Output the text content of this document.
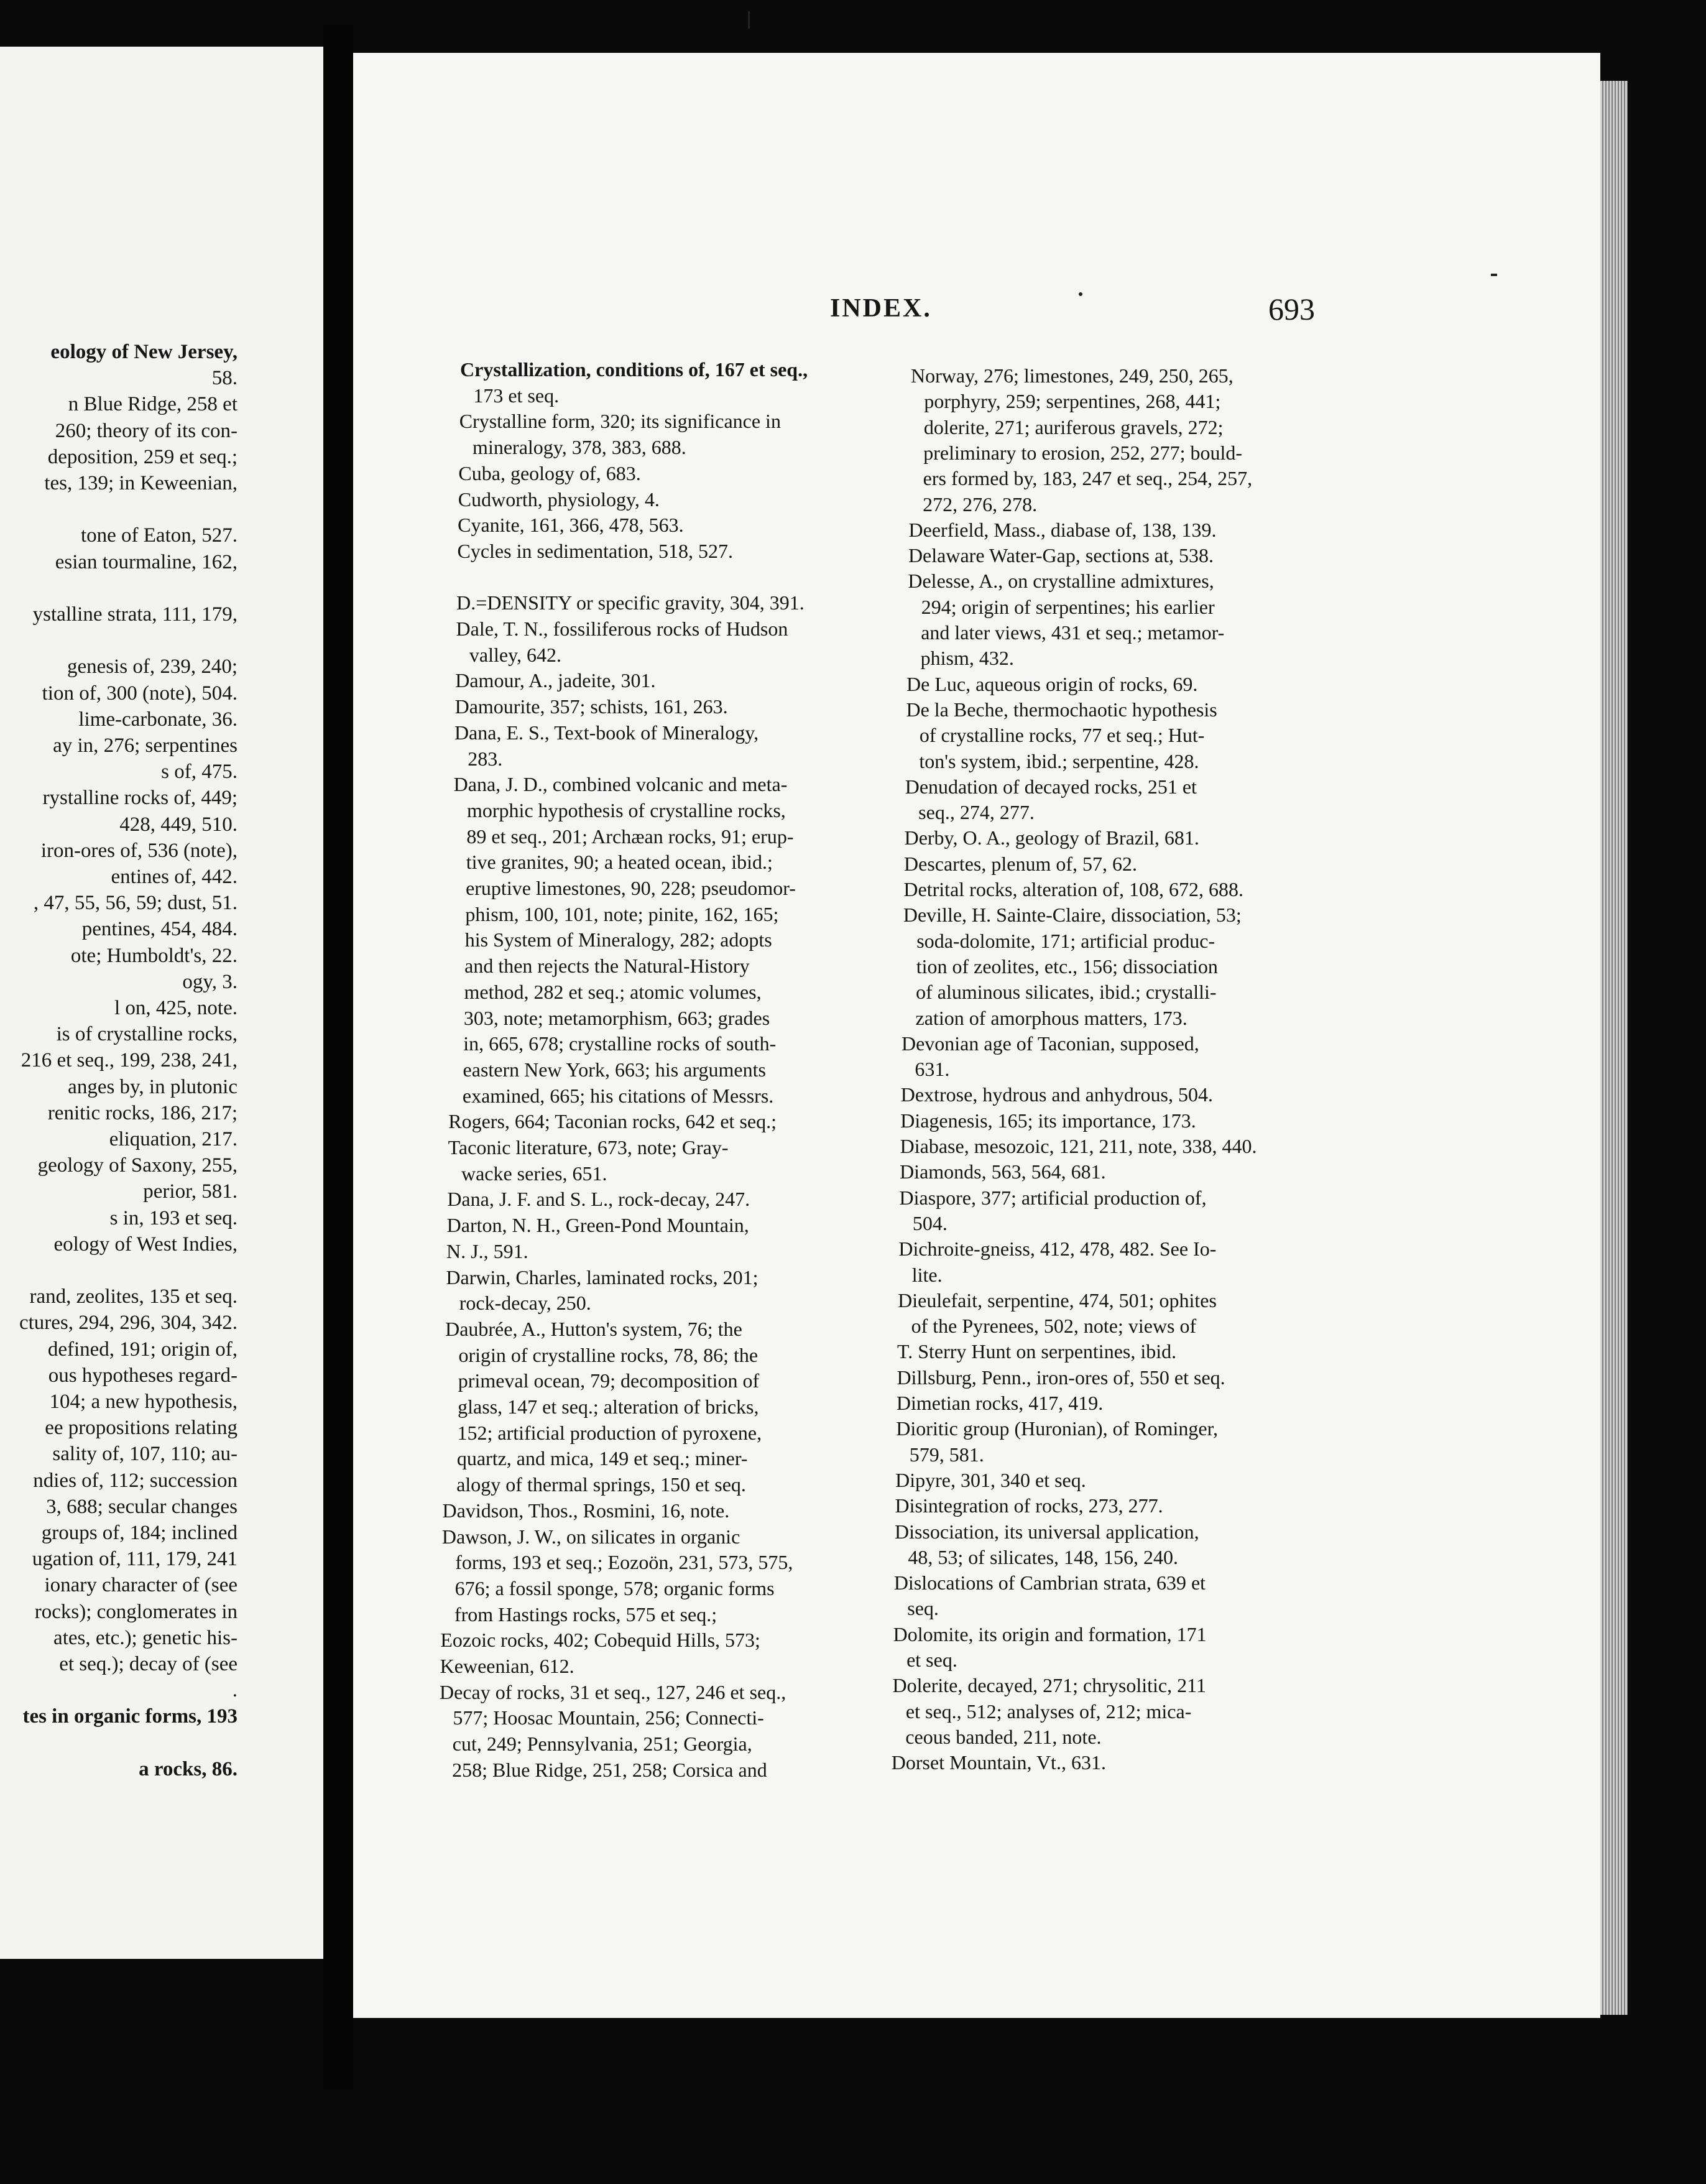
INDEX.	693
eology of New Jersey,
58.
n Blue Ridge, 258 et
260; theory of its con-
deposition, 259 et seq.;
tes, 139; in Keweenian,
tone of Eaton, 527.
esian tourmaline, 162,
ystalline strata, 111, 179,
genesis of, 239, 240;
tion of, 300 (note), 504.
lime-carbonate, 36.
ay in, 276; serpentines
s of, 475.
rystalline rocks of, 449;
428, 449, 510.
iron-ores of, 536 (note),
entines of, 442.
, 47, 55, 56, 59; dust, 51.
pentines, 454, 484.
ote; Humboldt's, 22.
ogy, 3.
l on, 425, note.
is of crystalline rocks,
216 et seq., 199, 238, 241,
anges by, in plutonic
renitic rocks, 186, 217;
eliquation, 217.
geology of Saxony, 255,
perior, 581.
s in, 193 et seq.
eology of West Indies,
rand, zeolites, 135 et seq.
ctures, 294, 296, 304, 342.
defined, 191; origin of,
ous hypotheses regard-
104; a new hypothesis,
ee propositions relating
sality of, 107, 110; au-
ndies of, 112; succession
3, 688; secular changes
groups of, 184; inclined
ugation of, 111, 179, 241
ionary character of (see
rocks); conglomerates in
ates, etc.); genetic his-
et seq.); decay of (see
.
tes in organic forms, 193
a rocks, 86.
Crystallization, conditions of, 167 et seq.,
173 et seq.
Crystalline form, 320; its significance in
mineralogy, 378, 383, 688.
Cuba, geology of, 683.
Cudworth, physiology, 4.
Cyanite, 161, 366, 478, 563.
Cycles in sedimentation, 518, 527.
D.=DENSITY or specific gravity, 304, 391.
Dale, T. N., fossiliferous rocks of Hudson
valley, 642.
Damour, A., jadeite, 301.
Damourite, 357; schists, 161, 263.
Dana, E. S., Text-book of Mineralogy,
283.
Dana, J. D., combined volcanic and meta-
morphic hypothesis of crystalline rocks,
89 et seq., 201; Archæan rocks, 91; erup-
tive granites, 90; a heated ocean, ibid.;
eruptive limestones, 90, 228; pseudomor-
phism, 100, 101, note; pinite, 162, 165;
his System of Mineralogy, 282; adopts
and then rejects the Natural-History
method, 282 et seq.; atomic volumes,
303, note; metamorphism, 663; grades
in, 665, 678; crystalline rocks of south-
eastern New York, 663; his arguments
examined, 665; his citations of Messrs.
Rogers, 664; Taconian rocks, 642 et seq.;
Taconic literature, 673, note; Gray-
wacke series, 651.
Dana, J. F. and S. L., rock-decay, 247.
Darton, N. H., Green-Pond Mountain,
N. J., 591.
Darwin, Charles, laminated rocks, 201;
rock-decay, 250.
Daubrée, A., Hutton's system, 76; the
origin of crystalline rocks, 78, 86; the
primeval ocean, 79; decomposition of
glass, 147 et seq.; alteration of bricks,
152; artificial production of pyroxene,
quartz, and mica, 149 et seq.; miner-
alogy of thermal springs, 150 et seq.
Davidson, Thos., Rosmini, 16, note.
Dawson, J. W., on silicates in organic
forms, 193 et seq.; Eozoön, 231, 573, 575,
676; a fossil sponge, 578; organic forms
from Hastings rocks, 575 et seq.;
Eozoic rocks, 402; Cobequid Hills, 573;
Keweenian, 612.
Decay of rocks, 31 et seq., 127, 246 et seq.,
577; Hoosac Mountain, 256; Connecti-
cut, 249; Pennsylvania, 251; Georgia,
258; Blue Ridge, 251, 258; Corsica and
Norway, 276; limestones, 249, 250, 265,
porphyry, 259; serpentines, 268, 441;
dolerite, 271; auriferous gravels, 272;
preliminary to erosion, 252, 277; bould-
ers formed by, 183, 247 et seq., 254, 257,
272, 276, 278.
Deerfield, Mass., diabase of, 138, 139.
Delaware Water-Gap, sections at, 538.
Delesse, A., on crystalline admixtures,
294; origin of serpentines; his earlier
and later views, 431 et seq.; metamor-
phism, 432.
De Luc, aqueous origin of rocks, 69.
De la Beche, thermochaotic hypothesis
of crystalline rocks, 77 et seq.; Hut-
ton's system, ibid.; serpentine, 428.
Denudation of decayed rocks, 251 et
seq., 274, 277.
Derby, O. A., geology of Brazil, 681.
Descartes, plenum of, 57, 62.
Detrital rocks, alteration of, 108, 672, 688.
Deville, H. Sainte-Claire, dissociation, 53;
soda-dolomite, 171; artificial produc-
tion of zeolites, etc., 156; dissociation
of aluminous silicates, ibid.; crystalli-
zation of amorphous matters, 173.
Devonian age of Taconian, supposed,
631.
Dextrose, hydrous and anhydrous, 504.
Diagenesis, 165; its importance, 173.
Diabase, mesozoic, 121, 211, note, 338, 440.
Diamonds, 563, 564, 681.
Diaspore, 377; artificial production of,
504.
Dichroite-gneiss, 412, 478, 482. See Io-
lite.
Dieulefait, serpentine, 474, 501; ophites
of the Pyrenees, 502, note; views of
T. Sterry Hunt on serpentines, ibid.
Dillsburg, Penn., iron-ores of, 550 et seq.
Dimetian rocks, 417, 419.
Dioritic group (Huronian), of Rominger,
579, 581.
Dipyre, 301, 340 et seq.
Disintegration of rocks, 273, 277.
Dissociation, its universal application,
48, 53; of silicates, 148, 156, 240.
Dislocations of Cambrian strata, 639 et
seq.
Dolomite, its origin and formation, 171
et seq.
Dolerite, decayed, 271; chrysolitic, 211
et seq., 512; analyses of, 212; mica-
ceous banded, 211, note.
Dorset Mountain, Vt., 631.
